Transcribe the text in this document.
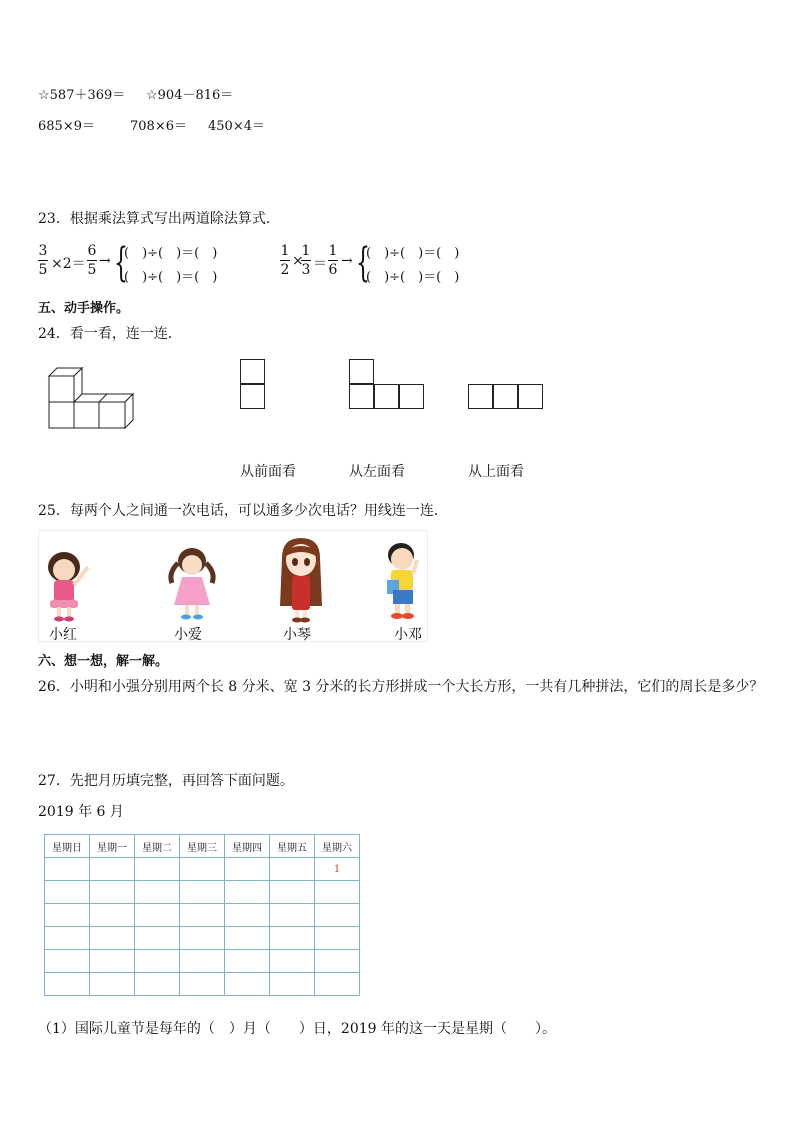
☆587＋369＝ ☆904－816＝
685×9＝	708×6＝ 450×4＝
23．根据乘法算式写出两道除法算式．
3
5 ×2＝
6
5
→ {
(　)÷(　)＝(　)
(　)÷(　)＝(　)
1
2
×
1
3 ＝
1
6
→ {
(　)÷(　)＝(　)
(　)÷(　)＝(　)
五、动手操作。
24．看一看，连一连．
从前面看	从左面看	从上面看
25．每两个人之间通一次电话，可以通多少次电话？用线连一连．
小红	小爱	小琴	小邓
六、想一想，解一解。
26．小明和小强分别用两个长 8 分米、宽 3 分米的长方形拼成一个大长方形，一共有几种拼法，它们的周长是多少？
27．先把月历填完整，再回答下面问题。
2019 年 6 月
星期日	星期一	星期二	星期三	星期四	星期五	星期六
						1

（1）国际儿童节是每年的（　）月（　　）日，2019 年的这一天是星期（　　）。
